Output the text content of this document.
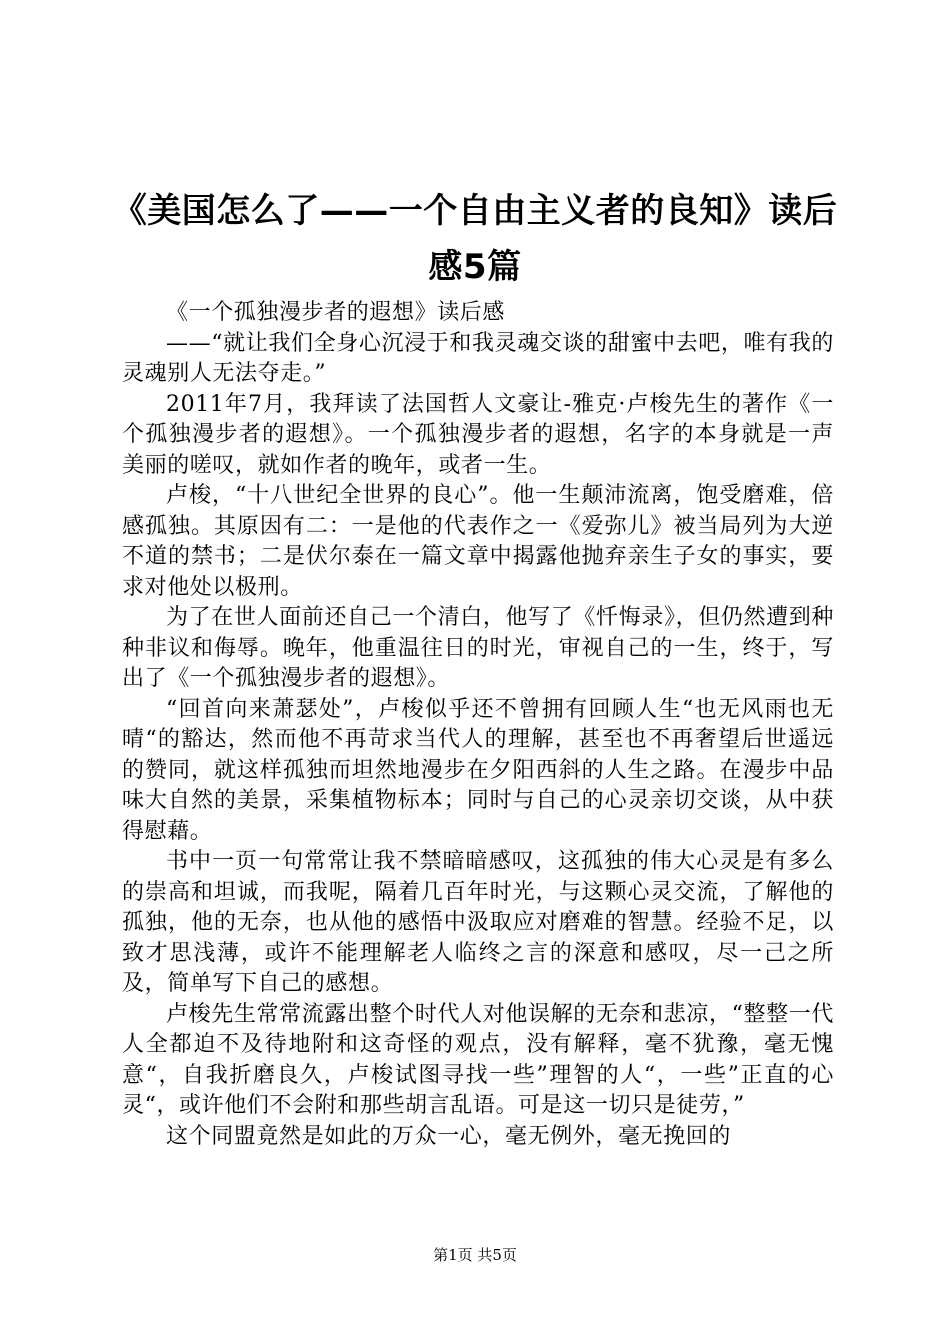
《美国怎么了——一个自由主义者的良知》读后感5篇

《一个孤独漫步者的遐想》读后感

——“就让我们全身心沉浸于和我灵魂交谈的甜蜜中去吧，唯有我的灵魂别人无法夺走。”

2011年7月，我拜读了法国哲人文豪让-雅克·卢梭先生的著作《一个孤独漫步者的遐想》。一个孤独漫步者的遐想，名字的本身就是一声美丽的嗟叹，就如作者的晚年，或者一生。

卢梭，“十八世纪全世界的良心”。他一生颠沛流离，饱受磨难，倍感孤独。其原因有二：一是他的代表作之一《爱弥儿》被当局列为大逆不道的禁书；二是伏尔泰在一篇文章中揭露他抛弃亲生子女的事实，要求对他处以极刑。

为了在世人面前还自己一个清白，他写了《忏悔录》，但仍然遭到种种非议和侮辱。晚年，他重温往日的时光，审视自己的一生，终于，写出了《一个孤独漫步者的遐想》。

“回首向来萧瑟处”，卢梭似乎还不曾拥有回顾人生“也无风雨也无晴“的豁达，然而他不再苛求当代人的理解，甚至也不再奢望后世遥远的赞同，就这样孤独而坦然地漫步在夕阳西斜的人生之路。在漫步中品味大自然的美景，采集植物标本；同时与自己的心灵亲切交谈，从中获得慰藉。

书中一页一句常常让我不禁暗暗感叹，这孤独的伟大心灵是有多么的崇高和坦诚，而我呢，隔着几百年时光，与这颗心灵交流，了解他的孤独，他的无奈，也从他的感悟中汲取应对磨难的智慧。经验不足，以致才思浅薄，或许不能理解老人临终之言的深意和感叹，尽一己之所及，简单写下自己的感想。

卢梭先生常常流露出整个时代人对他误解的无奈和悲凉，“整整一代人全都迫不及待地附和这奇怪的观点，没有解释，毫不犹豫，毫无愧意“，自我折磨良久，卢梭试图寻找一些”理智的人“，一些”正直的心灵“，或许他们不会附和那些胡言乱语。可是这一切只是徒劳，”

这个同盟竟然是如此的万众一心，毫无例外，毫无挽回的

第1页 共5页
